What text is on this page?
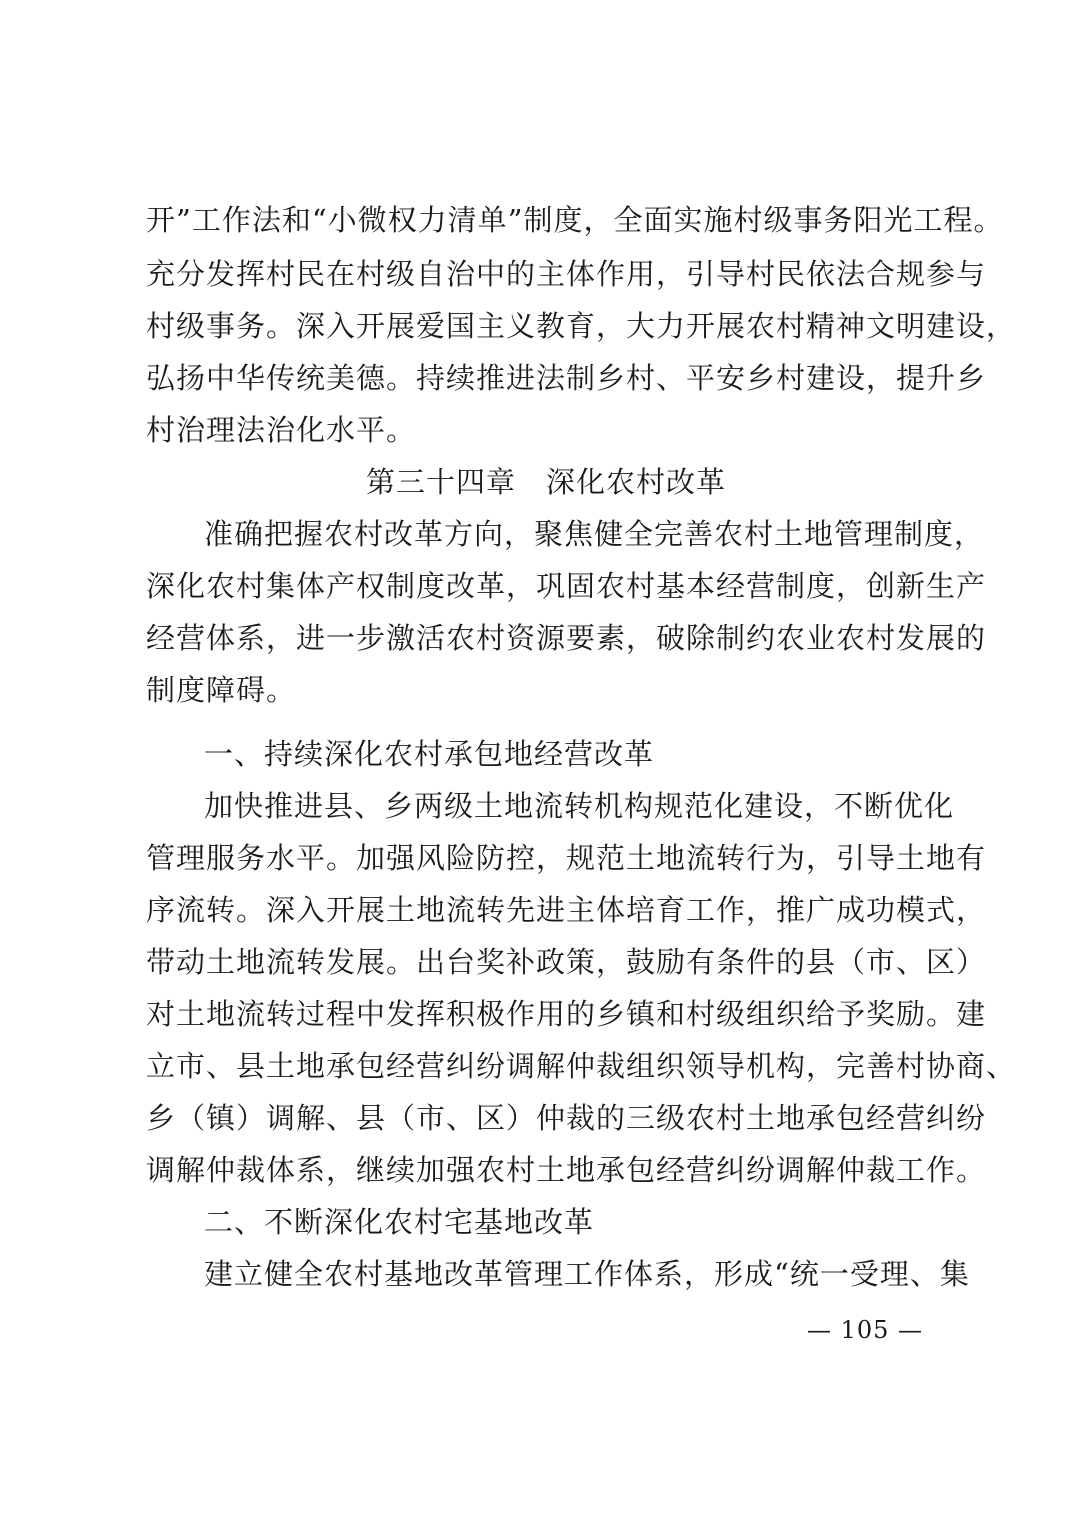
开”工作法和“小微权力清单”制度，全面实施村级事务阳光工程。
充分发挥村民在村级自治中的主体作用，引导村民依法合规参与
村级事务。深入开展爱国主义教育，大力开展农村精神文明建设，
弘扬中华传统美德。持续推进法制乡村、平安乡村建设，提升乡
村治理法治化水平。
第三十四章　深化农村改革
准确把握农村改革方向，聚焦健全完善农村土地管理制度，
深化农村集体产权制度改革，巩固农村基本经营制度，创新生产
经营体系，进一步激活农村资源要素，破除制约农业农村发展的
制度障碍。
一、持续深化农村承包地经营改革
加快推进县、乡两级土地流转机构规范化建设，不断优化
管理服务水平。加强风险防控，规范土地流转行为，引导土地有
序流转。深入开展土地流转先进主体培育工作，推广成功模式，
带动土地流转发展。出台奖补政策，鼓励有条件的县（市、区）
对土地流转过程中发挥积极作用的乡镇和村级组织给予奖励。建
立市、县土地承包经营纠纷调解仲裁组织领导机构，完善村协商、
乡（镇）调解、县（市、区）仲裁的三级农村土地承包经营纠纷
调解仲裁体系，继续加强农村土地承包经营纠纷调解仲裁工作。
二、不断深化农村宅基地改革
建立健全农村基地改革管理工作体系，形成“统一受理、集
— 105 —
